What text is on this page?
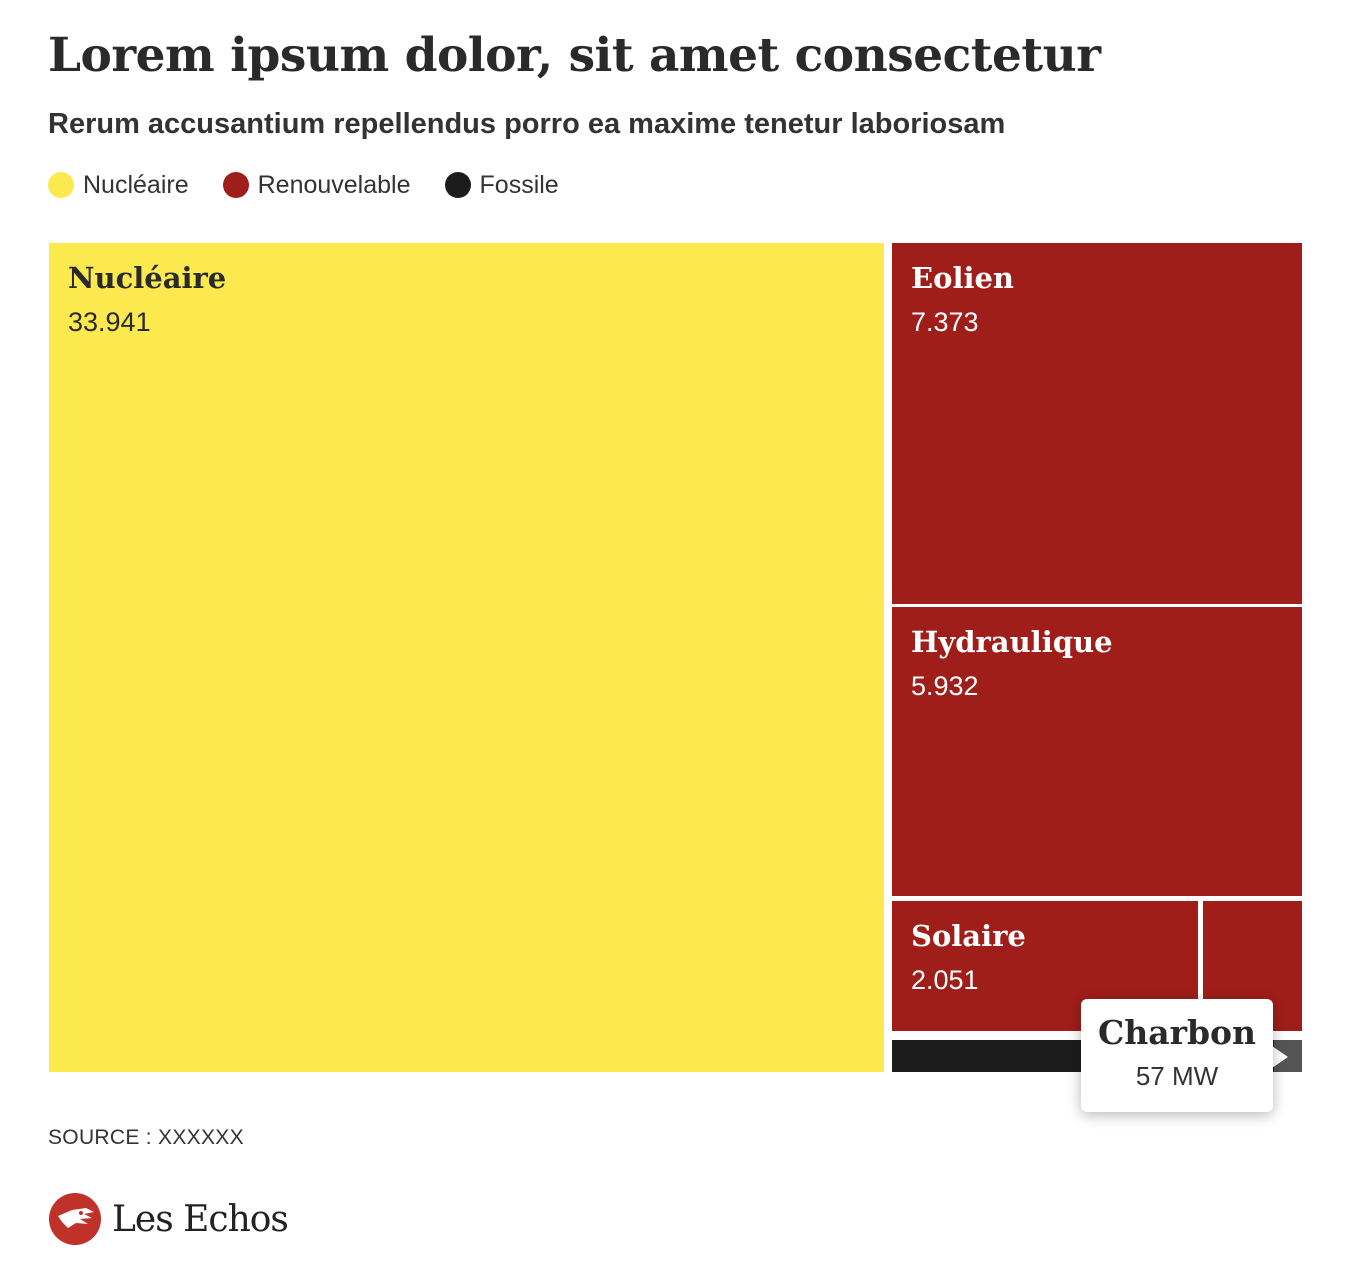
Lorem ipsum dolor, sit amet consectetur
Rerum accusantium repellendus porro ea maxime tenetur laboriosam
Nucléaire	Renouvelable	Fossile
Nucléaire
33.941
Eolien
7.373
Hydraulique
5.932
Solaire
2.051
Charbon
57 MW
SOURCE : XXXXXX
Les Echos
